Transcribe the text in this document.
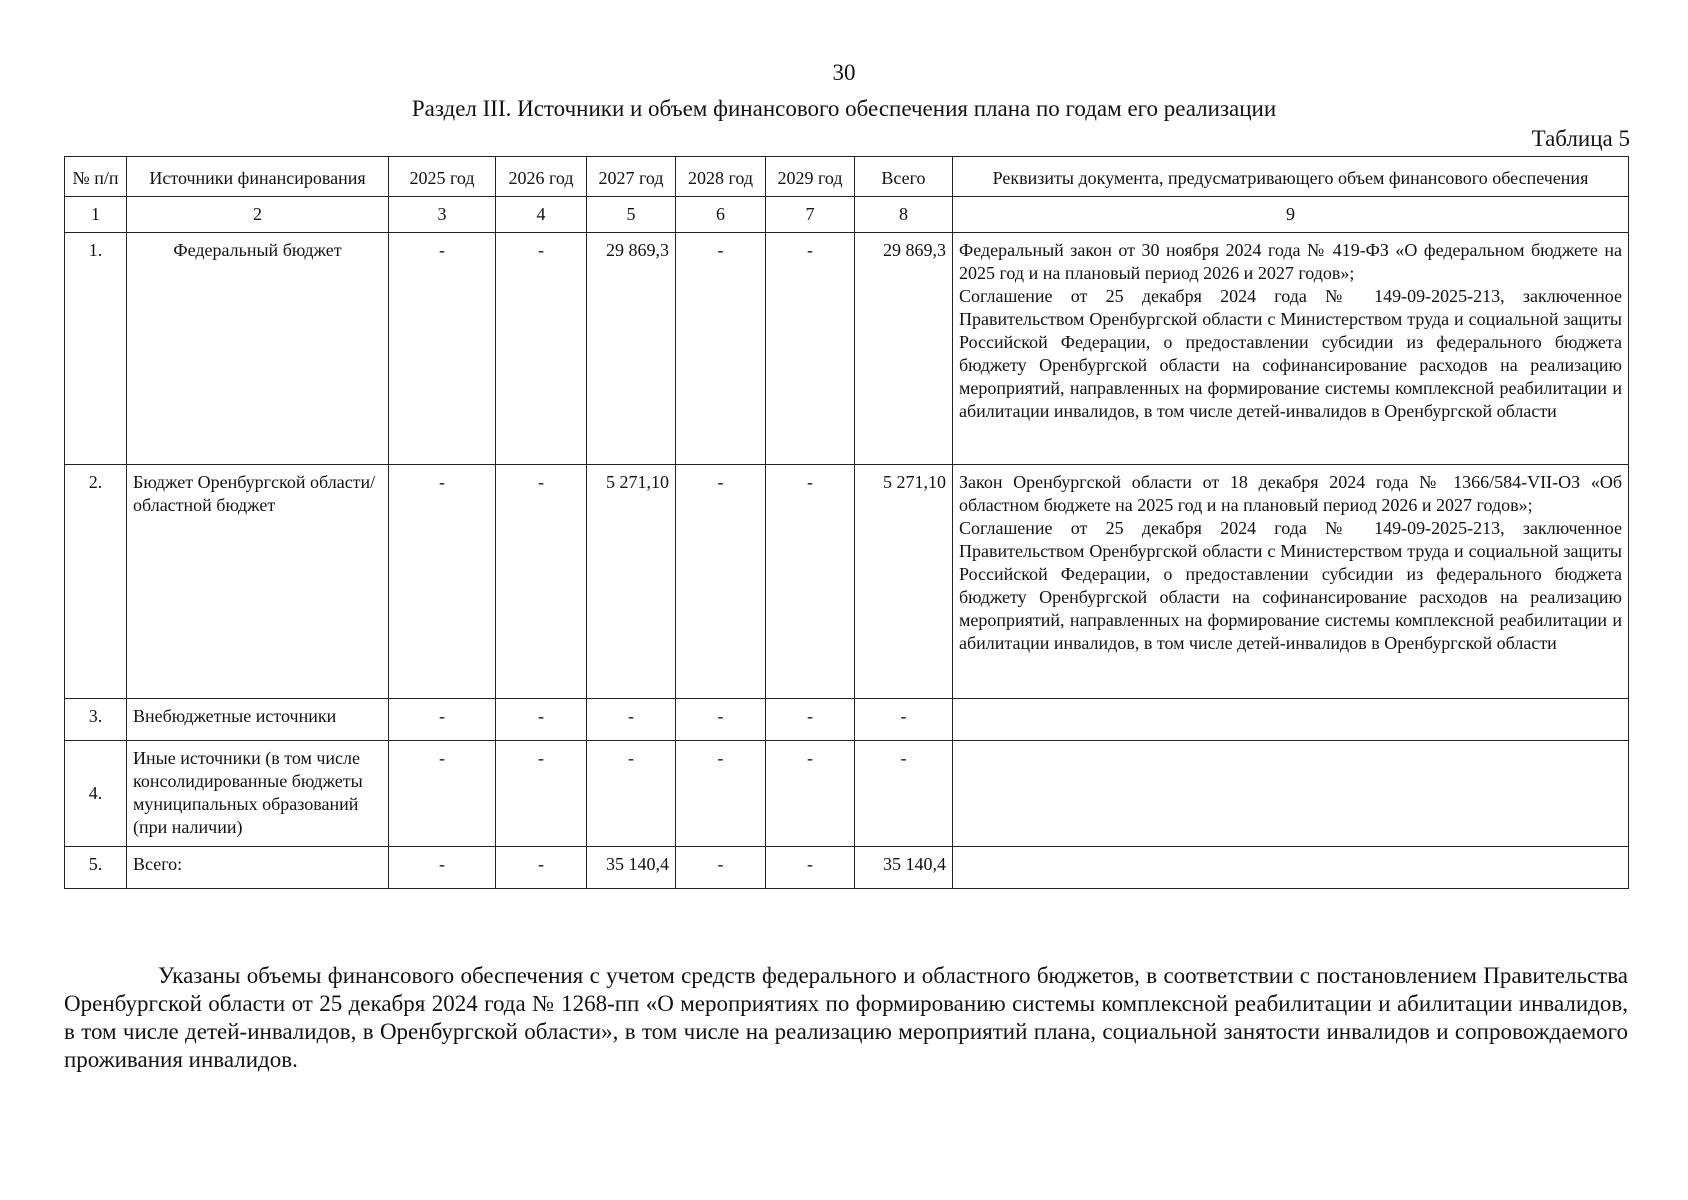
30
Раздел III. Источники и объем финансового обеспечения плана по годам его реализации
Таблица 5
№ п/п	Источники финансирования	2025 год	2026 год	2027 год	2028 год	2029 год	Всего	Реквизиты документа, предусматривающего объем финансового обеспечения
1	2	3	4	5	6	7	8	9
1.	Федеральный бюджет	-	-	29 869,3	-	-	29 869,3	Федеральный закон от 30 ноября 2024 года № 419-ФЗ «О федеральном бюджете на 2025 год и на плановый период 2026 и 2027 годов»;
Соглашение от 25 декабря 2024 года № 149-09-2025-213, заключенное Правительством Оренбургской области с Министерством труда и социальной защиты Российской Федерации, о предоставлении субсидии из федерального бюджета бюджету Оренбургской области на софинансирование расходов на реализацию мероприятий, направленных на формирование системы комплексной реабилитации и абилитации инвалидов, в том числе детей-инвалидов в Оренбургской области

2.	Бюджет Оренбургской области/областной бюджет	-	-	5 271,10	-	-	5 271,10	Закон Оренбургской области от 18 декабря 2024 года № 1366/584-VII-ОЗ «Об областном бюджете на 2025 год и на плановый период 2026 и 2027 годов»;
Соглашение от 25 декабря 2024 года № 149-09-2025-213, заключенное Правительством Оренбургской области с Министерством труда и социальной защиты Российской Федерации, о предоставлении субсидии из федерального бюджета бюджету Оренбургской области на софинансирование расходов на реализацию мероприятий, направленных на формирование системы комплексной реабилитации и абилитации инвалидов, в том числе детей-инвалидов в Оренбургской области

3.	Внебюджетные источники	-	-	-	-	-	-	
4.	Иные источники (в том числе консолидированные бюджеты муниципальных образований (при наличии)	-	-	-	-	-	-	
5.	Всего:	-	-	35 140,4	-	-	35 140,4	
Указаны объемы финансового обеспечения с учетом средств федерального и областного бюджетов, в соответствии с постановлением Правительства Оренбургской области от 25 декабря 2024 года № 1268-пп «О мероприятиях по формированию системы комплексной реабилитации и абилитации инвалидов, в том числе детей-инвалидов, в Оренбургской области», в том числе на реализацию мероприятий плана, социальной занятости инвалидов и сопровождаемого проживания инвалидов.
